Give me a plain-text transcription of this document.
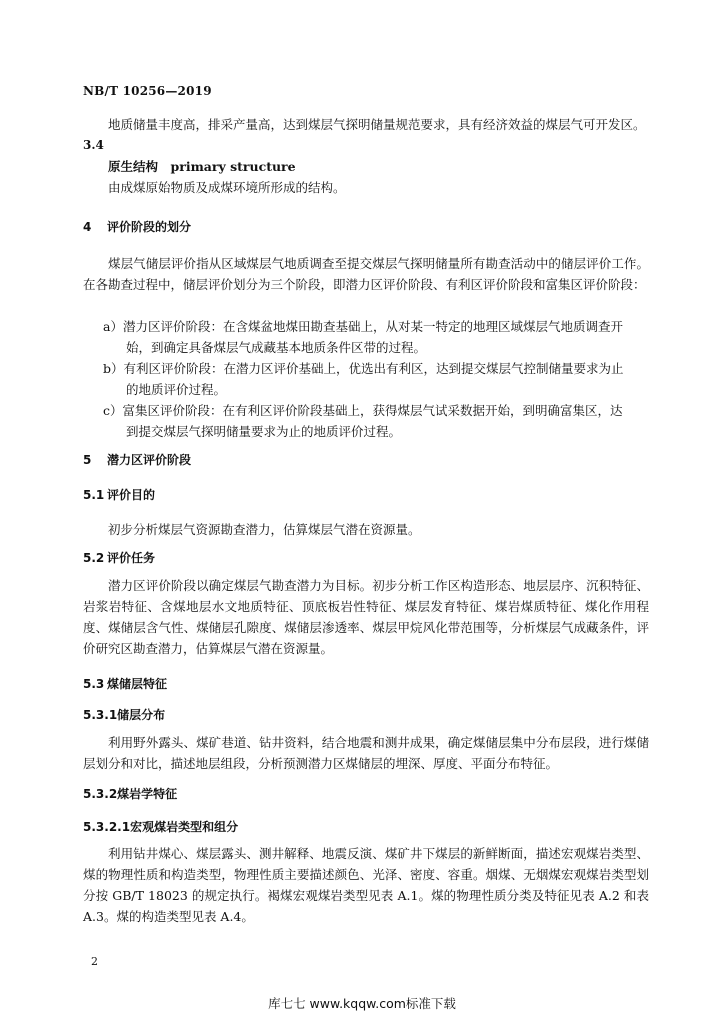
NB/T 10256—2019

地质储量丰度高，排采产量高，达到煤层气探明储量规范要求，具有经济效益的煤层气可开发区。

3.4
原生结构　primary structure

由成煤原始物质及成煤环境所形成的结构。

4 评价阶段的划分

煤层气储层评价指从区域煤层气地质调查至提交煤层气探明储量所有勘查活动中的储层评价工作。在各勘查过程中，储层评价划分为三个阶段，即潜力区评价阶段、有利区评价阶段和富集区评价阶段：

a）潜力区评价阶段：在含煤盆地煤田勘查基础上，从对某一特定的地理区域煤层气地质调查开
始，到确定具备煤层气成藏基本地质条件区带的过程。
b）有利区评价阶段：在潜力区评价基础上，优选出有利区，达到提交煤层气控制储量要求为止
的地质评价过程。
c）富集区评价阶段：在有利区评价阶段基础上，获得煤层气试采数据开始，到明确富集区，达
到提交煤层气探明储量要求为止的地质评价过程。
5 潜力区评价阶段
5.1 评价目的

初步分析煤层气资源勘查潜力，估算煤层气潜在资源量。

5.2 评价任务

潜力区评价阶段以确定煤层气勘查潜力为目标。初步分析工作区构造形态、地层层序、沉积特征、岩浆岩特征、含煤地层水文地质特征、顶底板岩性特征、煤层发育特征、煤岩煤质特征、煤化作用程度、煤储层含气性、煤储层孔隙度、煤储层渗透率、煤层甲烷风化带范围等，分析煤层气成藏条件，评价研究区勘查潜力，估算煤层气潜在资源量。

5.3 煤储层特征
5.3.1储层分布

利用野外露头、煤矿巷道、钻井资料，结合地震和测井成果，确定煤储层集中分布层段，进行煤储层划分和对比，描述地层组段，分析预测潜力区煤储层的埋深、厚度、平面分布特征。

5.3.2煤岩学特征
5.3.2.1宏观煤岩类型和组分

利用钻井煤心、煤层露头、测井解释、地震反演、煤矿井下煤层的新鲜断面，描述宏观煤岩类型、煤的物理性质和构造类型，物理性质主要描述颜色、光泽、密度、容重。烟煤、无烟煤宏观煤岩类型划分按 GB/T 18023 的规定执行。褐煤宏观煤岩类型见表 A.1。煤的物理性质分类及特征见表 A.2 和表 A.3。煤的构造类型见表 A.4。

2
库七七 www.kqqw.com标准下载
